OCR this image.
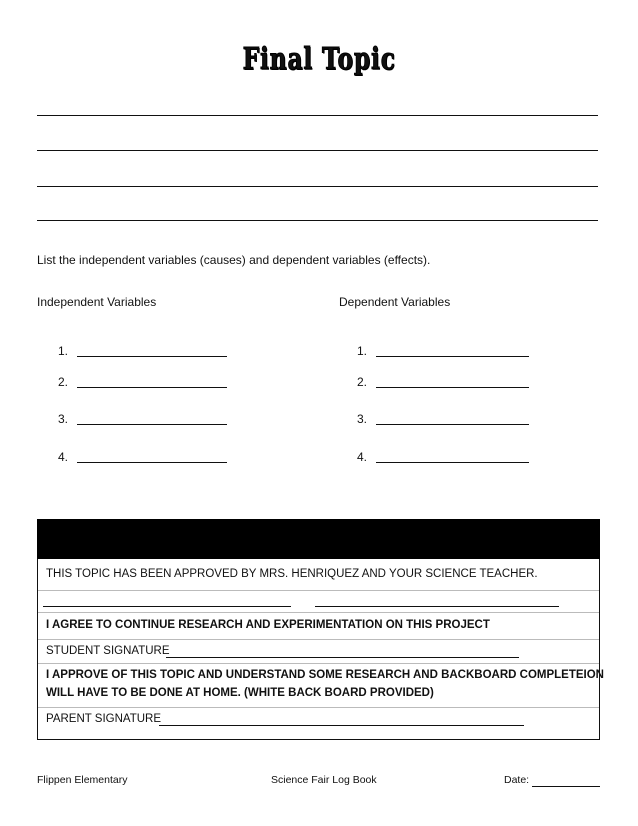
Final Topic
List the independent variables (causes) and dependent variables (effects).
Independent Variables	Dependent Variables
1.
2.
3.
4.
1.
2.
3.
4.
THIS TOPIC HAS BEEN APPROVED BY MRS. HENRIQUEZ AND YOUR SCIENCE TEACHER.
I AGREE TO CONTINUE RESEARCH AND EXPERIMENTATION ON THIS PROJECT
STUDENT SIGNATURE
I APPROVE OF THIS TOPIC AND UNDERSTAND SOME RESEARCH AND BACKBOARD COMPLETEION
WILL HAVE TO BE DONE AT HOME. (WHITE BACK BOARD PROVIDED)
PARENT SIGNATURE
Flippen Elementary	Science Fair Log Book	Date:
